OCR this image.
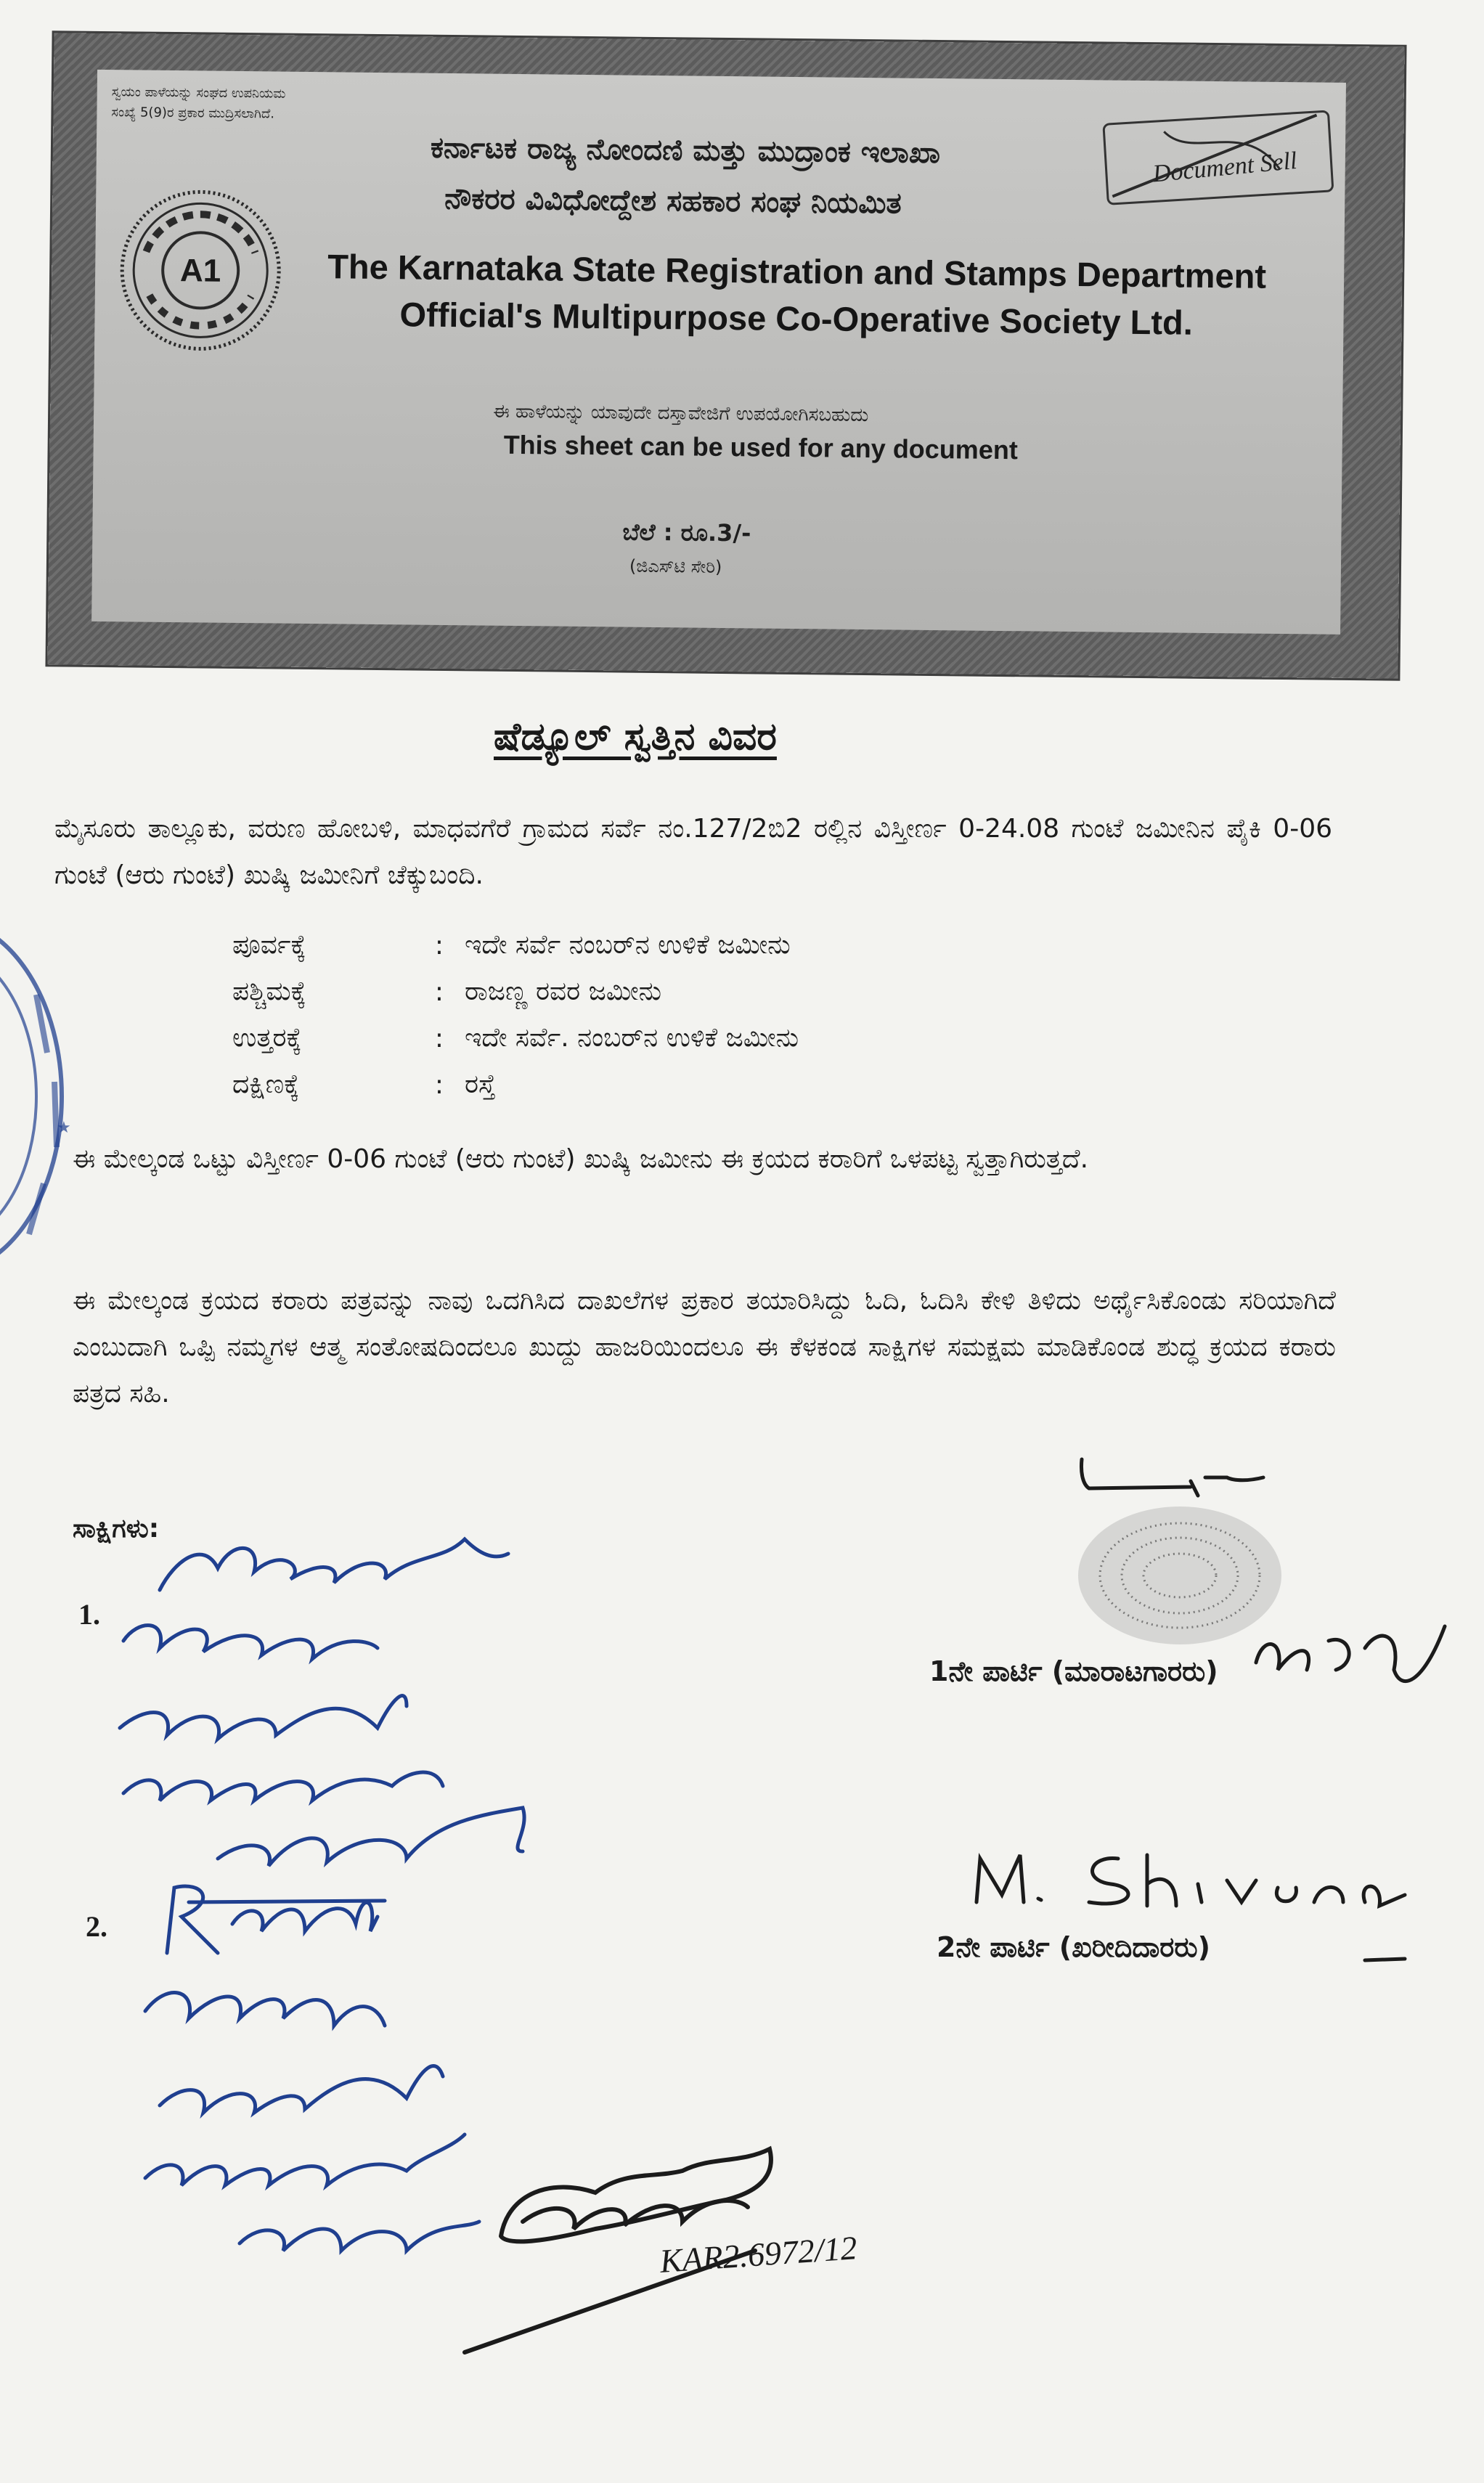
ಸ್ವಯಂ ಪಾಳೆಯನ್ನು ಸಂಘದ ಉಪನಿಯಮ
ಸಂಖ್ಯೆ 5(9)ರ ಪ್ರಕಾರ ಮುದ್ರಿಸಲಾಗಿದೆ.
ಕರ್ನಾಟಕ ರಾಜ್ಯ ನೋಂದಣಿ ಮತ್ತು ಮುದ್ರಾಂಕ ಇಲಾಖಾ
ನೌಕರರ ವಿವಿಧೋದ್ದೇಶ ಸಹಕಾರ ಸಂಘ ನಿಯಮಿತ
The Karnataka State Registration and Stamps Department
Official's Multipurpose Co-Operative Society Ltd.
ಈ ಹಾಳೆಯನ್ನು ಯಾವುದೇ ದಸ್ತಾವೇಜಿಗೆ ಉಪಯೋಗಿಸಬಹುದು
This sheet can be used for any document
ಬೆಲೆ : ರೂ.3/-
(ಜಿಎಸ್‌ಟಿ ಸೇರಿ)
A1
Document Sell
★
ಷೆಡ್ಯೂಲ್ ಸ್ವತ್ತಿನ ವಿವರ
ಮೈಸೂರು ತಾಲ್ಲೂಕು, ವರುಣ ಹೋಬಳಿ, ಮಾಧವಗೆರೆ ಗ್ರಾಮದ ಸರ್ವೆ ನಂ.127/2ಬಿ2 ರಲ್ಲಿನ ವಿಸ್ತೀರ್ಣ 0-24.08 ಗುಂಟೆ ಜಮೀನಿನ ಪೈಕಿ 0-06 ಗುಂಟೆ (ಆರು ಗುಂಟೆ) ಖುಷ್ಕಿ ಜಮೀನಿಗೆ ಚೆಕ್ಕುಬಂದಿ.
ಪೂರ್ವಕ್ಕೆ	: ಇದೇ ಸರ್ವೆ ನಂಬರ್‌ನ ಉಳಿಕೆ ಜಮೀನು
ಪಶ್ಚಿಮಕ್ಕೆ	: ರಾಜಣ್ಣ ರವರ ಜಮೀನು
ಉತ್ತರಕ್ಕೆ	: ಇದೇ ಸರ್ವೆ. ನಂಬರ್‌ನ ಉಳಿಕೆ ಜಮೀನು
ದಕ್ಷಿಣಕ್ಕೆ	: ರಸ್ತೆ
ಈ ಮೇಲ್ಕಂಡ ಒಟ್ಟು ವಿಸ್ತೀರ್ಣ 0-06 ಗುಂಟೆ (ಆರು ಗುಂಟೆ) ಖುಷ್ಕಿ ಜಮೀನು ಈ ಕ್ರಯದ ಕರಾರಿಗೆ ಒಳಪಟ್ಟ ಸ್ವತ್ತಾಗಿರುತ್ತದೆ.
ಈ ಮೇಲ್ಕಂಡ ಕ್ರಯದ ಕರಾರು ಪತ್ರವನ್ನು ನಾವು ಒದಗಿಸಿದ ದಾಖಲೆಗಳ ಪ್ರಕಾರ ತಯಾರಿಸಿದ್ದು ಓದಿ, ಓದಿಸಿ ಕೇಳಿ ತಿಳಿದು ಅರ್ಥೈಸಿಕೊಂಡು ಸರಿಯಾಗಿದೆ ಎಂಬುದಾಗಿ ಒಪ್ಪಿ ನಮ್ಮಗಳ ಆತ್ಮ ಸಂತೋಷದಿಂದಲೂ ಖುದ್ದು ಹಾಜರಿಯಿಂದಲೂ ಈ ಕೆಳಕಂಡ ಸಾಕ್ಷಿಗಳ ಸಮಕ್ಷಮ ಮಾಡಿಕೊಂಡ ಶುದ್ಧ ಕ್ರಯದ ಕರಾರು ಪತ್ರದ ಸಹಿ.
ಸಾಕ್ಷಿಗಳು:
1.
2.
1ನೇ ಪಾರ್ಟಿ (ಮಾರಾಟಗಾರರು)
2ನೇ ಪಾರ್ಟಿ (ಖರೀದಿದಾರರು)
KAR2.6972/12
